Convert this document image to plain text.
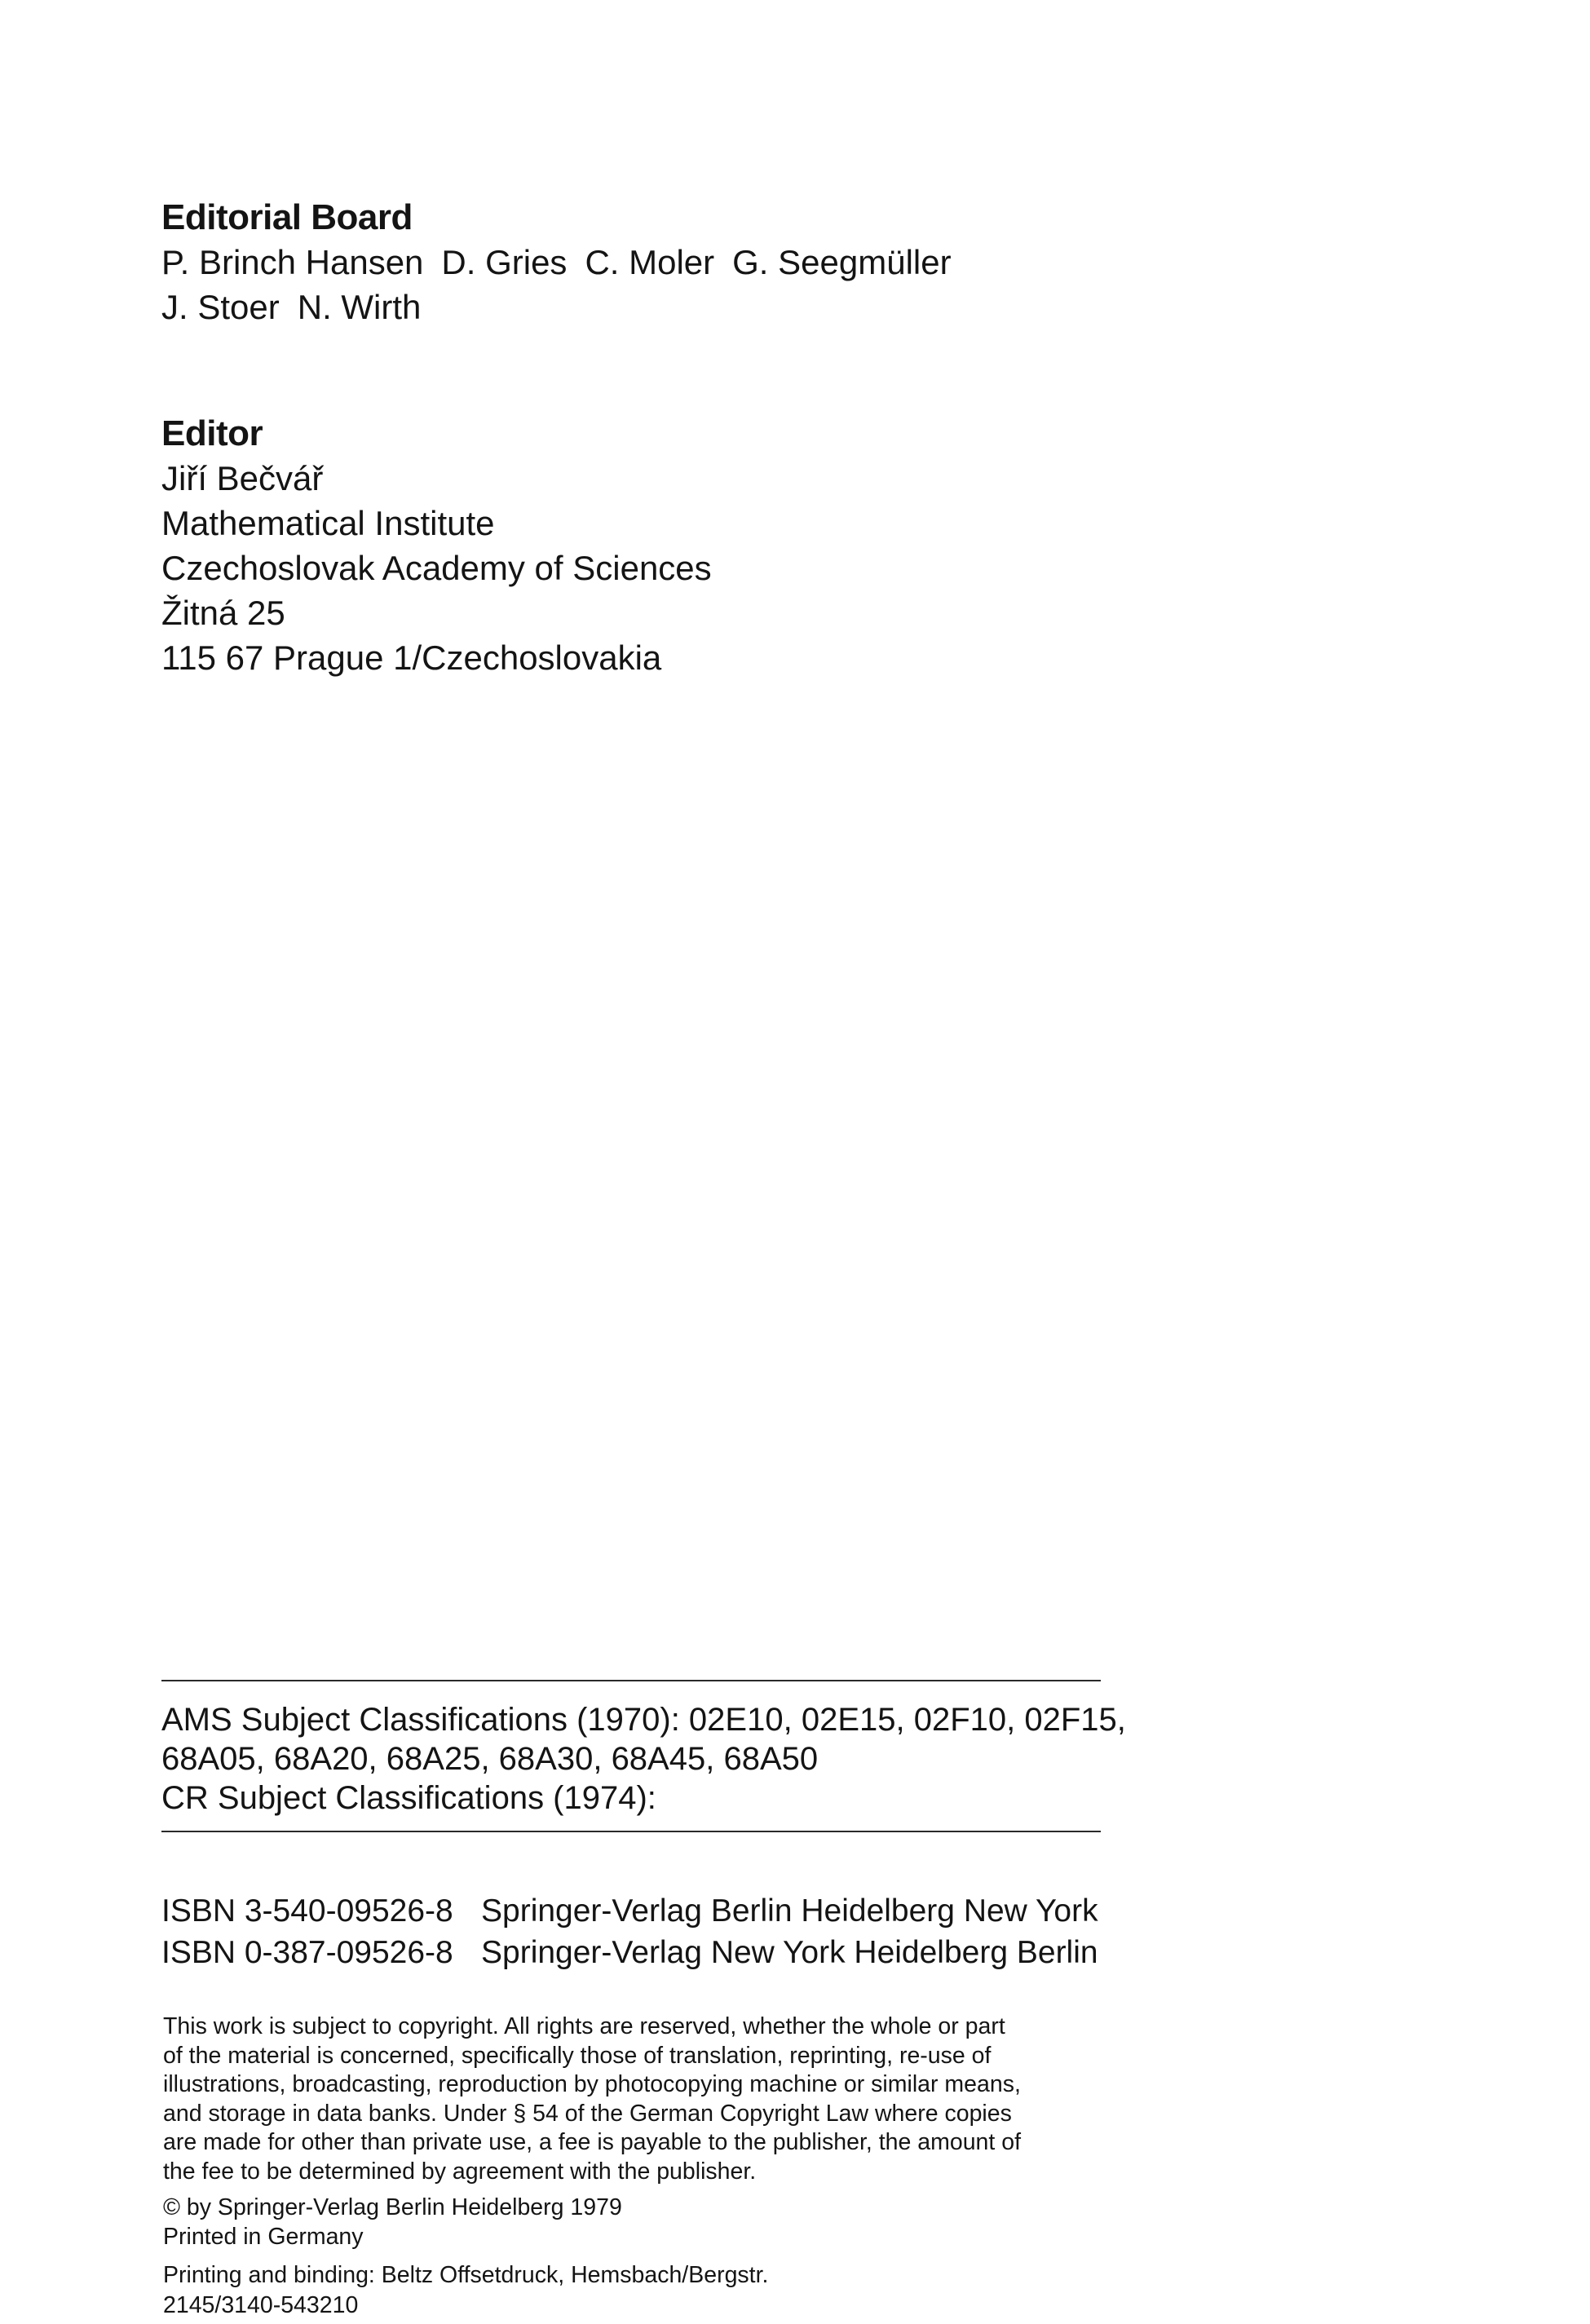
Editorial Board
P. Brinch Hansen D. Gries C. Moler G. Seegmüller
J. Stoer N. Wirth
Editor
Jiří Bečvář
Mathematical Institute
Czechoslovak Academy of Sciences
Žitná 25
115 67 Prague 1/Czechoslovakia
AMS Subject Classifications (1970): 02E10, 02E15, 02F10, 02F15,
68A05, 68A20, 68A25, 68A30, 68A45, 68A50
CR Subject Classifications (1974):
ISBN 3-540-09526-8 Springer-Verlag Berlin Heidelberg New York
ISBN 0-387-09526-8 Springer-Verlag New York Heidelberg Berlin
This work is subject to copyright. All rights are reserved, whether the whole or part
of the material is concerned, specifically those of translation, reprinting, re-use of
illustrations, broadcasting, reproduction by photocopying machine or similar means,
and storage in data banks. Under § 54 of the German Copyright Law where copies
are made for other than private use, a fee is payable to the publisher, the amount of
the fee to be determined by agreement with the publisher.
© by Springer-Verlag Berlin Heidelberg 1979
Printed in Germany
Printing and binding: Beltz Offsetdruck, Hemsbach/Bergstr.
2145/3140-543210
